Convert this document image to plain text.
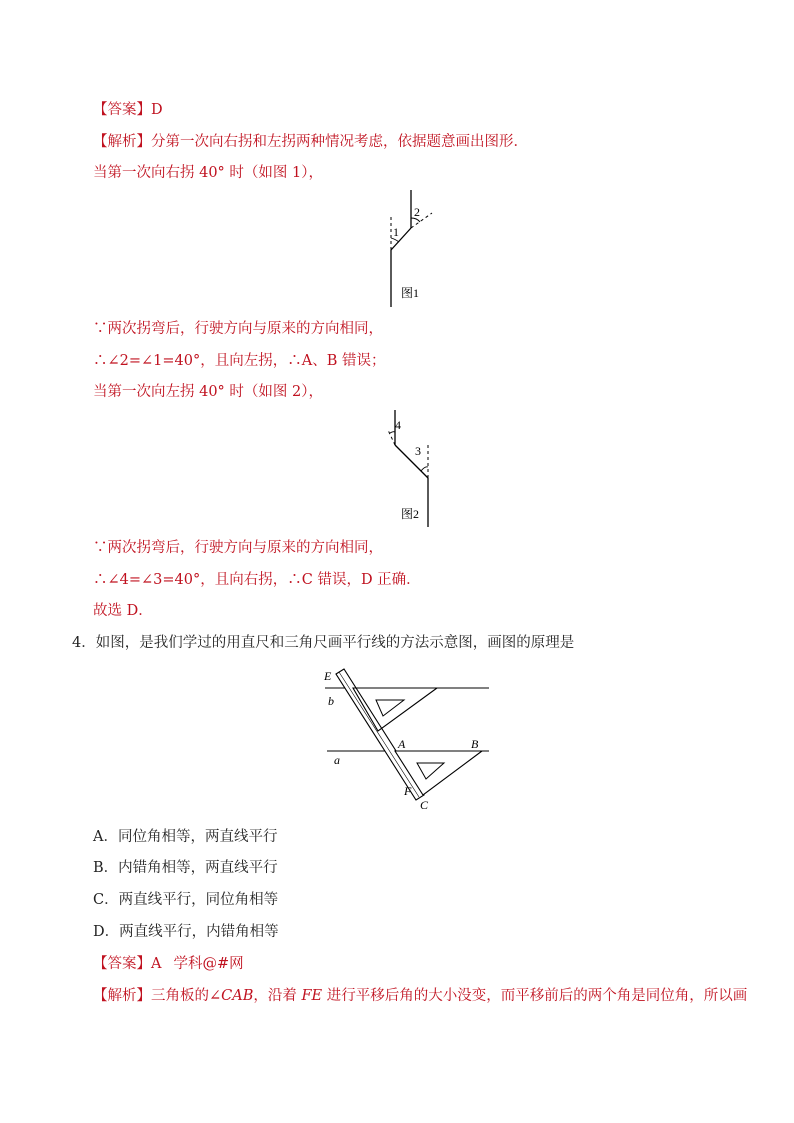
【答案】D
【解析】分第一次向右拐和左拐两种情况考虑，依据题意画出图形．
当第一次向右拐 40° 时（如图 1），
1
2
图1
∵两次拐弯后，行驶方向与原来的方向相同，
∴∠2=∠1=40°，且向左拐，∴A、B 错误；
当第一次向左拐 40° 时（如图 2），
4
3
图2
∵两次拐弯后，行驶方向与原来的方向相同，
∴∠4=∠3=40°，且向右拐，∴C 错误，D 正确．
故选 D．
4．如图，是我们学过的用直尺和三角尺画平行线的方法示意图，画图的原理是
E
b
A	B
a
F
C
A．同位角相等，两直线平行
B．内错角相等，两直线平行
C．两直线平行，同位角相等
D．两直线平行，内错角相等
【答案】A 学科@#网
【解析】三角板的∠CAB，沿着 FE 进行平移后角的大小没变，而平移前后的两个角是同位角，所以画
